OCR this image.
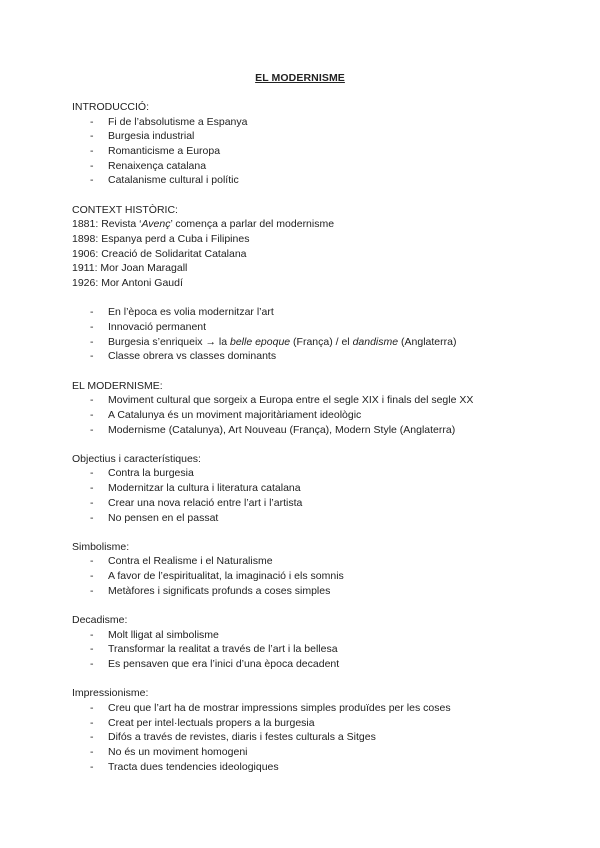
EL MODERNISME
INTRODUCCIÓ:
- Fi de l’absolutisme a Espanya
- Burgesia industrial
- Romanticisme a Europa
- Renaixença catalana
- Catalanisme cultural i polític
CONTEXT HISTÒRIC:
1881: Revista ‘Avenç’ comença a parlar del modernisme
1898: Espanya perd a Cuba i Filipines
1906: Creació de Solidaritat Catalana
1911: Mor Joan Maragall
1926: Mor Antoni Gaudí
- En l’època es volia modernitzar l’art
- Innovació permanent
- Burgesia s’enriqueix → la belle epoque (França) / el dandisme (Anglaterra)
- Classe obrera vs classes dominants
EL MODERNISME:
- Moviment cultural que sorgeix a Europa entre el segle XIX i finals del segle XX
- A Catalunya és un moviment majoritàriament ideològic
- Modernisme (Catalunya), Art Nouveau (França), Modern Style (Anglaterra)
Objectius i característiques:
- Contra la burgesia
- Modernitzar la cultura i literatura catalana
- Crear una nova relació entre l’art i l’artista
- No pensen en el passat
Simbolisme:
- Contra el Realisme i el Naturalisme
- A favor de l’espiritualitat, la imaginació i els somnis
- Metàfores i significats profunds a coses simples
Decadisme:
- Molt lligat al simbolisme
- Transformar la realitat a través de l’art i la bellesa
- Es pensaven que era l’inici d’una època decadent
Impressionisme:
- Creu que l’art ha de mostrar impressions simples produïdes per les coses
- Creat per intel·lectuals propers a la burgesia
- Difós a través de revistes, diaris i festes culturals a Sitges
- No és un moviment homogeni
- Tracta dues tendencies ideologiques
